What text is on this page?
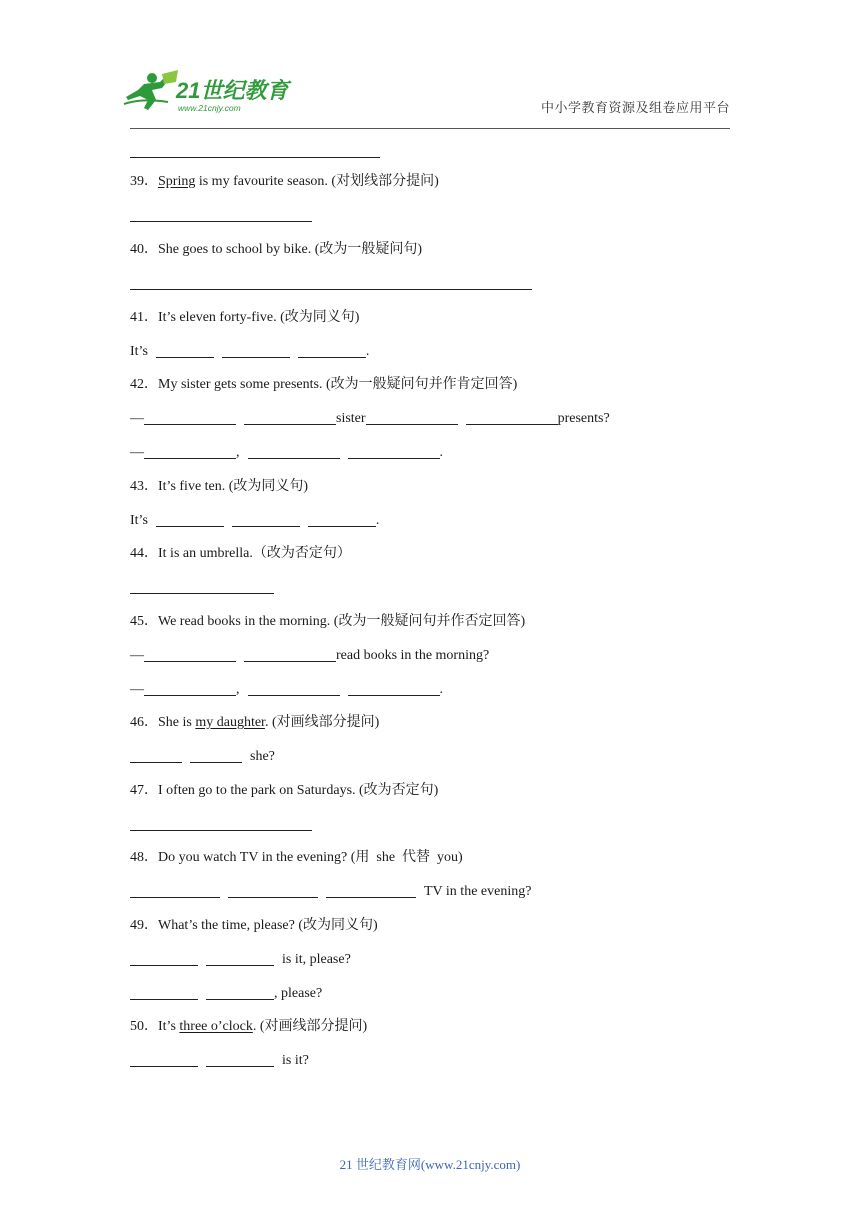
21世纪教育
www.21cnjy.com	中小学教育资源及组卷应用平台
39．Spring is my favourite season. (对划线部分提问)
40．She goes to school by bike. (改为一般疑问句)
41．It’s eleven forty-five. (改为同义句)
It’s	.
42．My sister gets some presents. (改为一般疑问句并作肯定回答)
—	sister	presents?
—	,	.
43．It’s five ten. (改为同义句)
It’s	.
44．It is an umbrella.（改为否定句）
45．We read books in the morning. (改为一般疑问句并作否定回答)
—	read books in the morning?
—	,	.
46．She is my daughter. (对画线部分提问)
she?
47．I often go to the park on Saturdays. (改为否定句)
48．Do you watch TV in the evening? (用  she  代替  you)
TV in the evening?
49．What’s the time, please? (改为同义句)
is it, please?
, please?
50．It’s three o’clock. (对画线部分提问)
is it?
21 世纪教育网(www.21cnjy.com)
